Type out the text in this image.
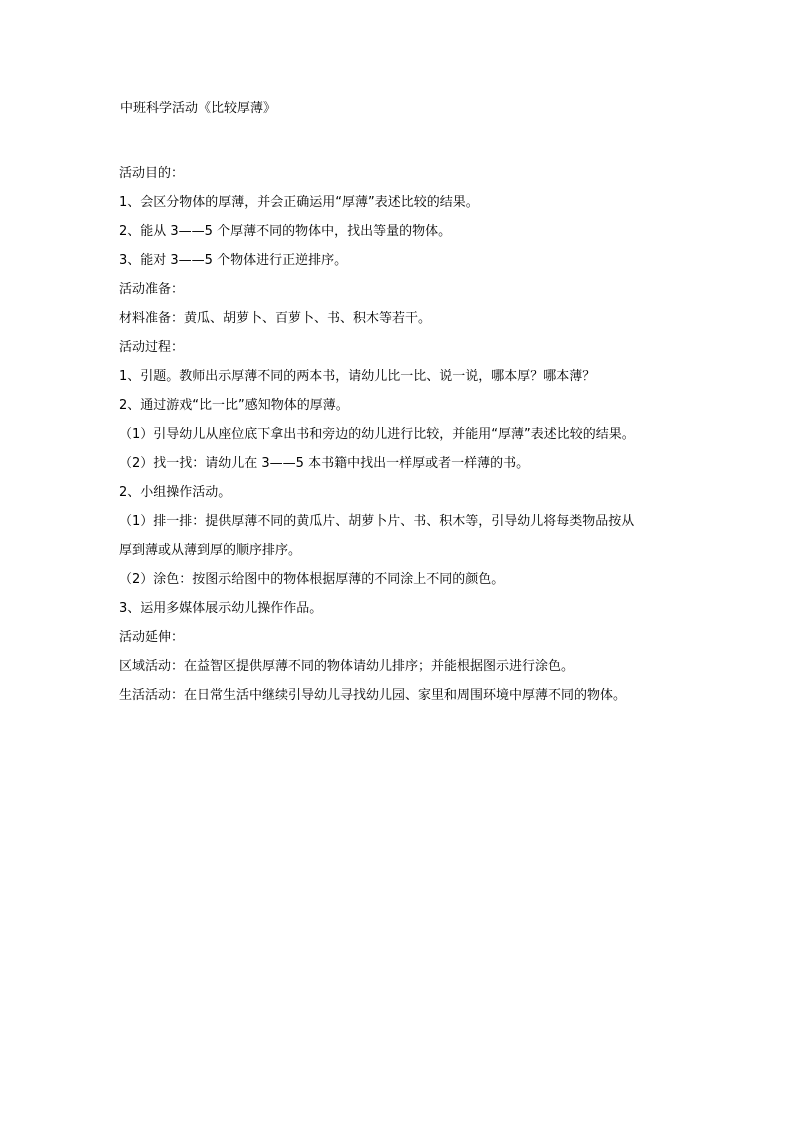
中班科学活动《比较厚薄》
活动目的：
1、会区分物体的厚薄，并会正确运用“厚薄”表述比较的结果。
2、能从 3——5 个厚薄不同的物体中，找出等量的物体。
3、能对 3——5 个物体进行正逆排序。
活动准备：
材料准备：黄瓜、胡萝卜、百萝卜、书、积木等若干。
活动过程：
1、引题。教师出示厚薄不同的两本书，请幼儿比一比、说一说，哪本厚？哪本薄？
2、通过游戏“比一比”感知物体的厚薄。
（1）引导幼儿从座位底下拿出书和旁边的幼儿进行比较，并能用“厚薄”表述比较的结果。
（2）找一找：请幼儿在 3——5 本书籍中找出一样厚或者一样薄的书。
2、小组操作活动。
（1）排一排：提供厚薄不同的黄瓜片、胡萝卜片、书、积木等，引导幼儿将每类物品按从
厚到薄或从薄到厚的顺序排序。
（2）涂色：按图示给图中的物体根据厚薄的不同涂上不同的颜色。
3、运用多媒体展示幼儿操作作品。
活动延伸：
区域活动：在益智区提供厚薄不同的物体请幼儿排序；并能根据图示进行涂色。
生活活动：在日常生活中继续引导幼儿寻找幼儿园、家里和周围环境中厚薄不同的物体。
